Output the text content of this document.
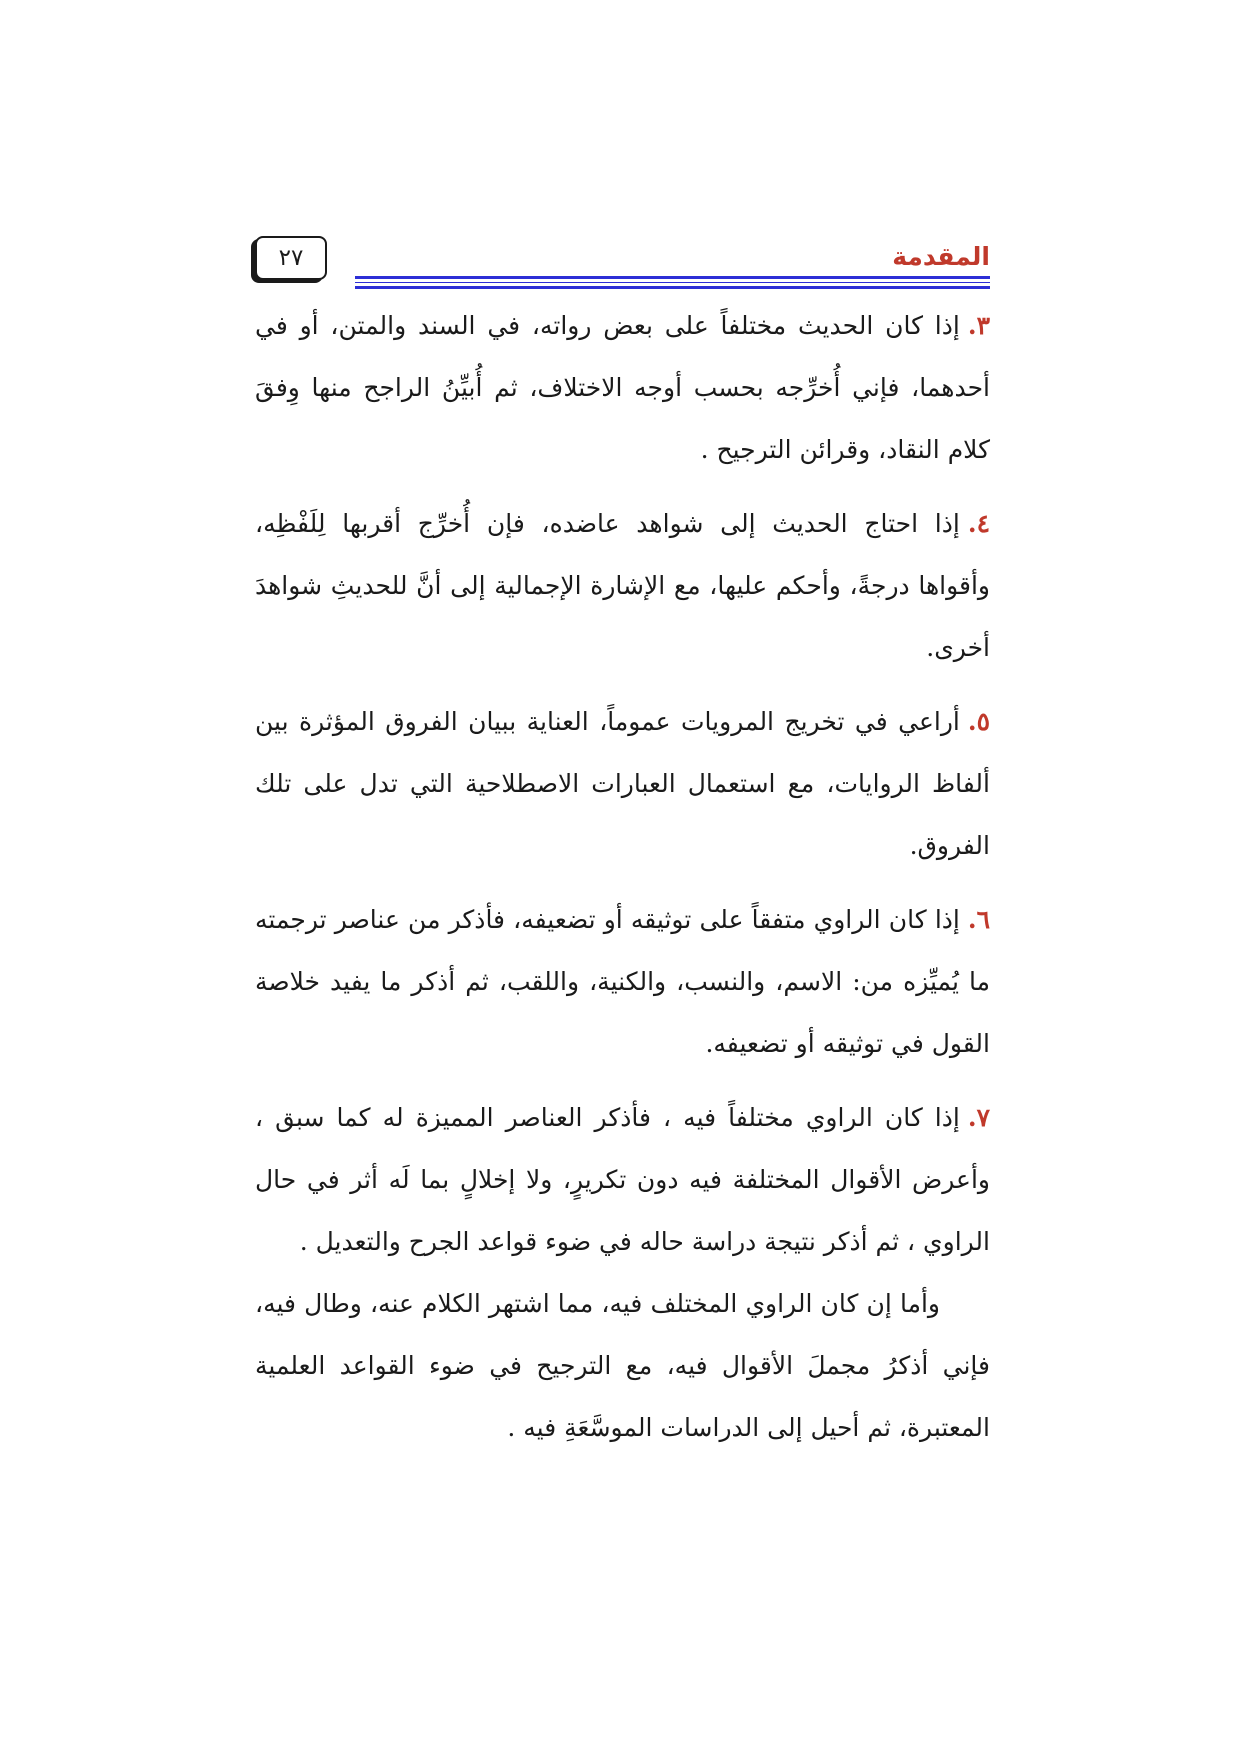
٢٧	المقدمة

٣.إذا كان الحديث مختلفاً على بعض رواته، في السند والمتن، أو في أحدهما، فإني أُخرِّجه بحسب أوجه الاختلاف، ثم أُبيِّنُ الراجح منها وِفقَ كلام النقاد، وقرائن الترجيح .

٤.إذا احتاج الحديث إلى شواهد عاضده، فإن أُخرِّج أقربها لِلَفْظِه، وأقواها درجةً، وأحكم عليها، مع الإشارة الإجمالية إلى أنَّ للحديثِ شواهدَ أخرى.

٥.أراعي في تخريج المرويات عموماً، العناية ببيان الفروق المؤثرة بين ألفاظ الروايات، مع استعمال العبارات الاصطلاحية التي تدل على تلك الفروق.

٦.إذا كان الراوي متفقاً على توثيقه أو تضعيفه، فأذكر من عناصر ترجمته ما يُميِّزه من: الاسم، والنسب، والكنية، واللقب، ثم أذكر ما يفيد خلاصة القول في توثيقه أو تضعيفه.

٧.إذا كان الراوي مختلفاً فيه ، فأذكر العناصر المميزة له كما سبق ، وأعرض الأقوال المختلفة فيه دون تكريرٍ، ولا إخلالٍ بما لَه أثر في حال الراوي ، ثم أذكر نتيجة دراسة حاله في ضوء قواعد الجرح والتعديل .

وأما إن كان الراوي المختلف فيه، مما اشتهر الكلام عنه، وطال فيه، فإني أذكرُ مجملَ الأقوال فيه، مع الترجيح في ضوء القواعد العلمية المعتبرة، ثم أحيل إلى الدراسات الموسَّعَةِ فيه .
